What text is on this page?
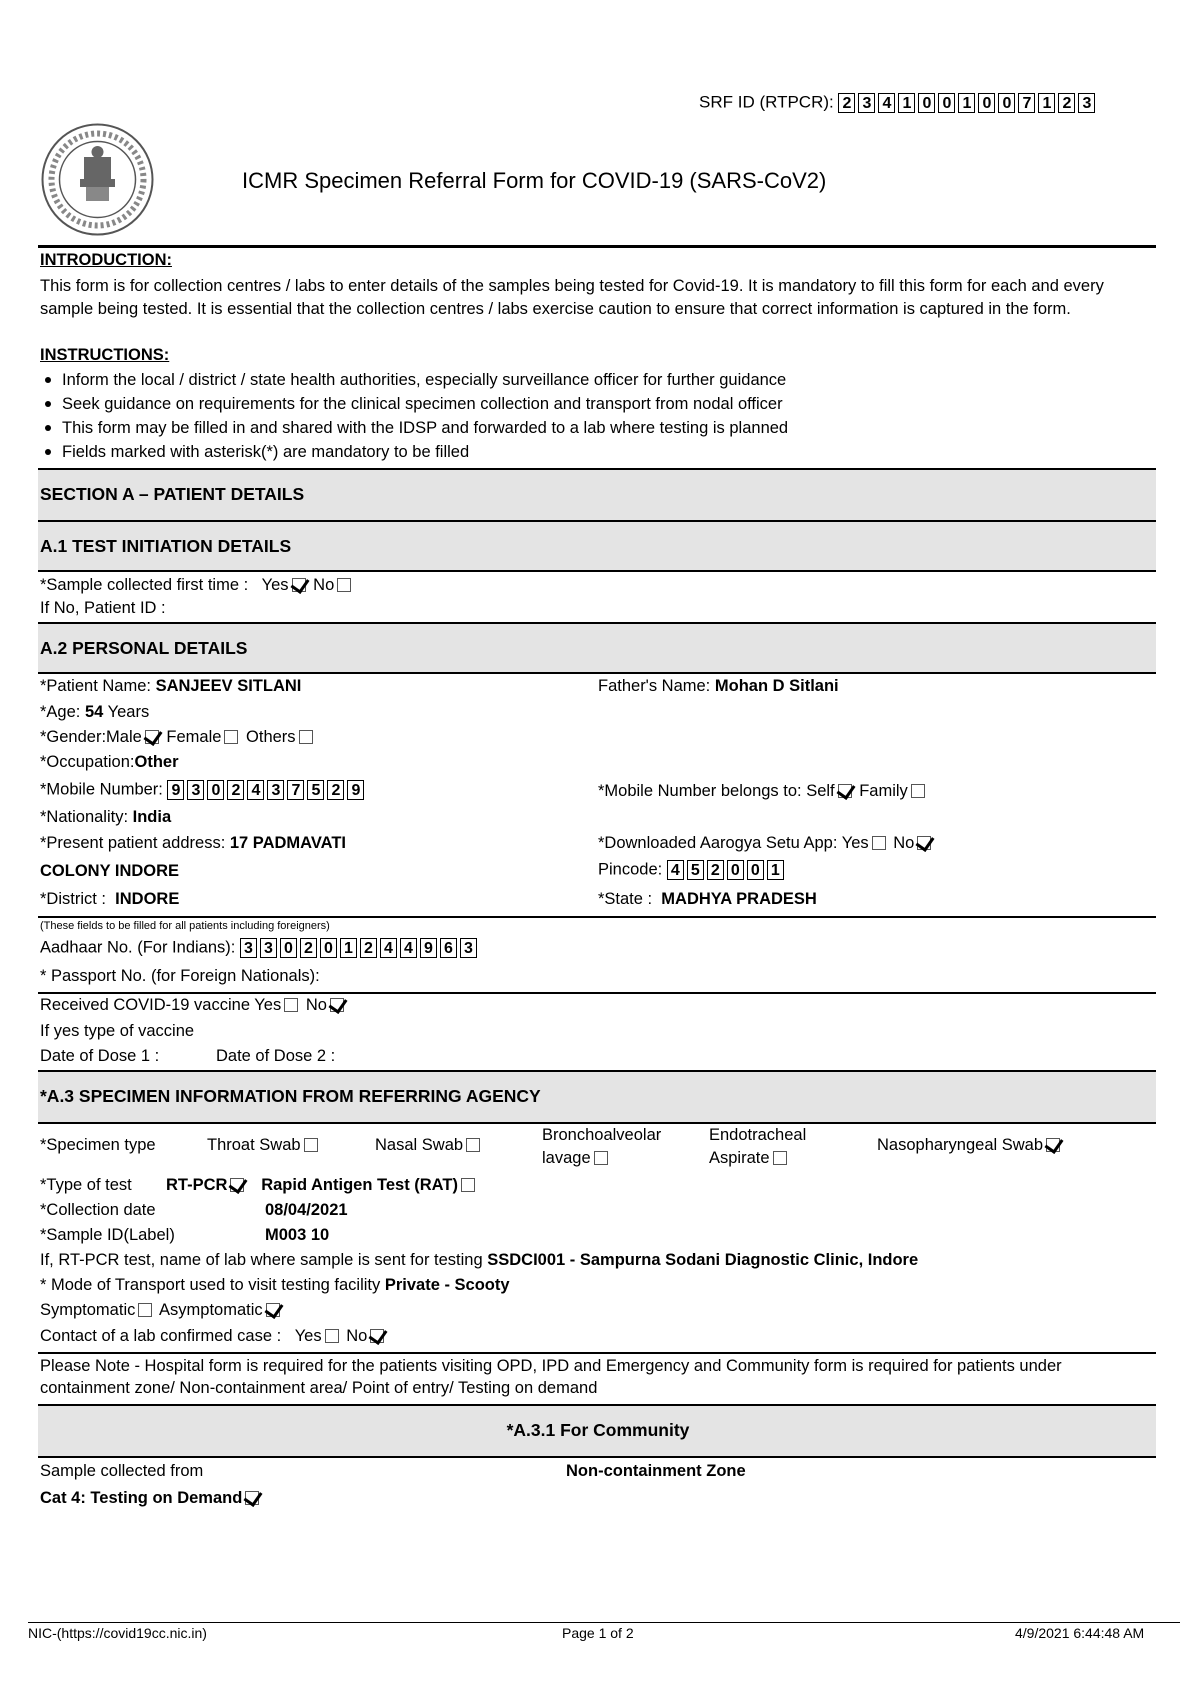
SRF ID (RTPCR): 2 3 4 1 0 0 1 0 0 7 1 2 3
ICMR Specimen Referral Form for COVID-19 (SARS-CoV2)
INTRODUCTION:
This form is for collection centres / labs to enter details of the samples being tested for Covid-19. It is mandatory to fill this form for each and every sample being tested. It is essential that the collection centres / labs exercise caution to ensure that correct information is captured in the form.
INSTRUCTIONS:
Inform the local / district / state health authorities, especially surveillance officer for further guidance
Seek guidance on requirements for the clinical specimen collection and transport from nodal officer
This form may be filled in and shared with the IDSP and forwarded to a lab where testing is planned
Fields marked with asterisk(*) are mandatory to be filled
SECTION A – PATIENT DETAILS
A.1 TEST INITIATION DETAILS
*Sample collected first time : Yes No
If No, Patient ID :
A.2 PERSONAL DETAILS
*Patient Name: SANJEEV SITLANI	Father's Name: Mohan D Sitlani
*Age: 54 Years
*Gender:Male Female Others
*Occupation:Other
*Mobile Number: 9 3 0 2 4 3 7 5 2 9	*Mobile Number belongs to: Self Family
*Nationality: India
*Present patient address: 17 PADMAVATI
COLONY INDORE
*Downloaded Aarogya Setu App: Yes No
Pincode: 4 5 2 0 0 1
*District : INDORE	*State : MADHYA PRADESH
(These fields to be filled for all patients including foreigners)
Aadhaar No. (For Indians): 3 3 0 2 0 1 2 4 4 9 6 3
* Passport No. (for Foreign Nationals):
Received COVID-19 vaccine Yes No
If yes type of vaccine
Date of Dose 1 :	Date of Dose 2 :
*A.3 SPECIMEN INFORMATION FROM REFERRING AGENCY
*Specimen type	Throat Swab	Nasal Swab
Bronchoalveolar
lavage
Endotracheal
Aspirate
Nasopharyngeal Swab
*Type of test RT-PCR Rapid Antigen Test (RAT)
*Collection date	08/04/2021
*Sample ID(Label)	M003 10
If, RT-PCR test, name of lab where sample is sent for testing SSDCI001 - Sampurna Sodani Diagnostic Clinic, Indore
* Mode of Transport used to visit testing facility Private - Scooty
Symptomatic Asymptomatic
Contact of a lab confirmed case : Yes No
Please Note - Hospital form is required for the patients visiting OPD, IPD and Emergency and Community form is required for patients under containment zone/ Non-containment area/ Point of entry/ Testing on demand
*A.3.1 For Community
Sample collected from	Non-containment Zone
Cat 4: Testing on Demand
NIC-(https://covid19cc.nic.in)	Page 1 of 2	4/9/2021 6:44:48 AM
